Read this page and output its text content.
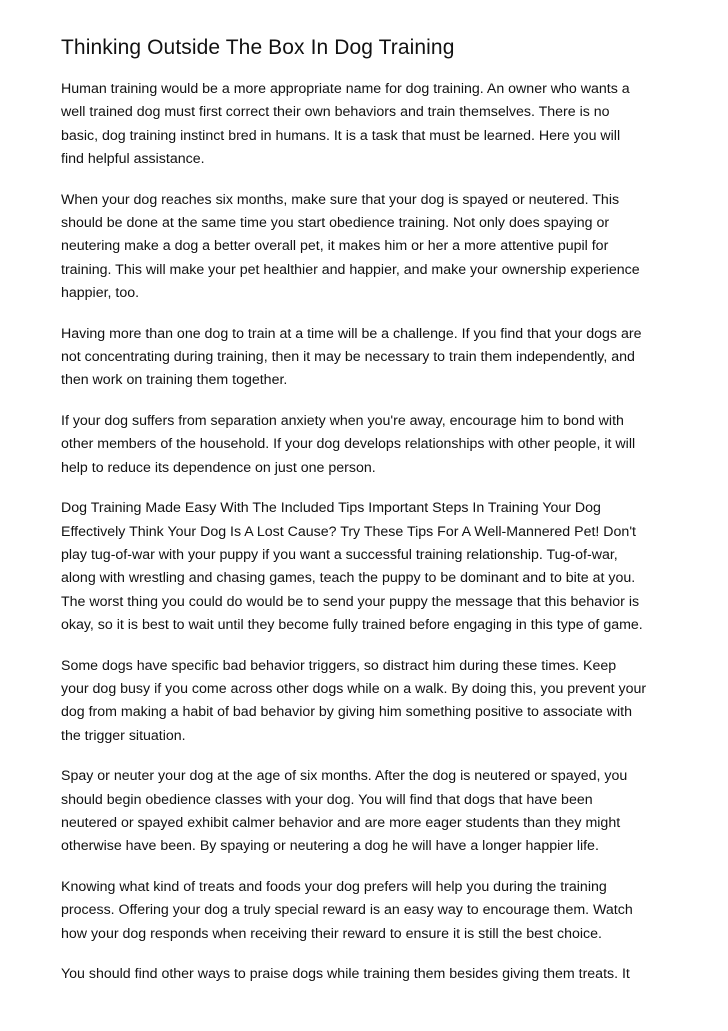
Thinking Outside The Box In Dog Training

Human training would be a more appropriate name for dog training. An owner who wants a
well trained dog must first correct their own behaviors and train themselves. There is no
basic, dog training instinct bred in humans. It is a task that must be learned. Here you will
find helpful assistance.

When your dog reaches six months, make sure that your dog is spayed or neutered. This
should be done at the same time you start obedience training. Not only does spaying or
neutering make a dog a better overall pet, it makes him or her a more attentive pupil for
training. This will make your pet healthier and happier, and make your ownership experience
happier, too.

Having more than one dog to train at a time will be a challenge. If you find that your dogs are
not concentrating during training, then it may be necessary to train them independently, and
then work on training them together.

If your dog suffers from separation anxiety when you're away, encourage him to bond with
other members of the household. If your dog develops relationships with other people, it will
help to reduce its dependence on just one person.

Dog Training Made Easy With The Included Tips Important Steps In Training Your Dog
Effectively Think Your Dog Is A Lost Cause? Try These Tips For A Well-Mannered Pet! Don't
play tug-of-war with your puppy if you want a successful training relationship. Tug-of-war,
along with wrestling and chasing games, teach the puppy to be dominant and to bite at you.
The worst thing you could do would be to send your puppy the message that this behavior is
okay, so it is best to wait until they become fully trained before engaging in this type of game.

Some dogs have specific bad behavior triggers, so distract him during these times. Keep
your dog busy if you come across other dogs while on a walk. By doing this, you prevent your
dog from making a habit of bad behavior by giving him something positive to associate with
the trigger situation.

Spay or neuter your dog at the age of six months. After the dog is neutered or spayed, you
should begin obedience classes with your dog. You will find that dogs that have been
neutered or spayed exhibit calmer behavior and are more eager students than they might
otherwise have been. By spaying or neutering a dog he will have a longer happier life.

Knowing what kind of treats and foods your dog prefers will help you during the training
process. Offering your dog a truly special reward is an easy way to encourage them. Watch
how your dog responds when receiving their reward to ensure it is still the best choice.

You should find other ways to praise dogs while training them besides giving them treats. It
